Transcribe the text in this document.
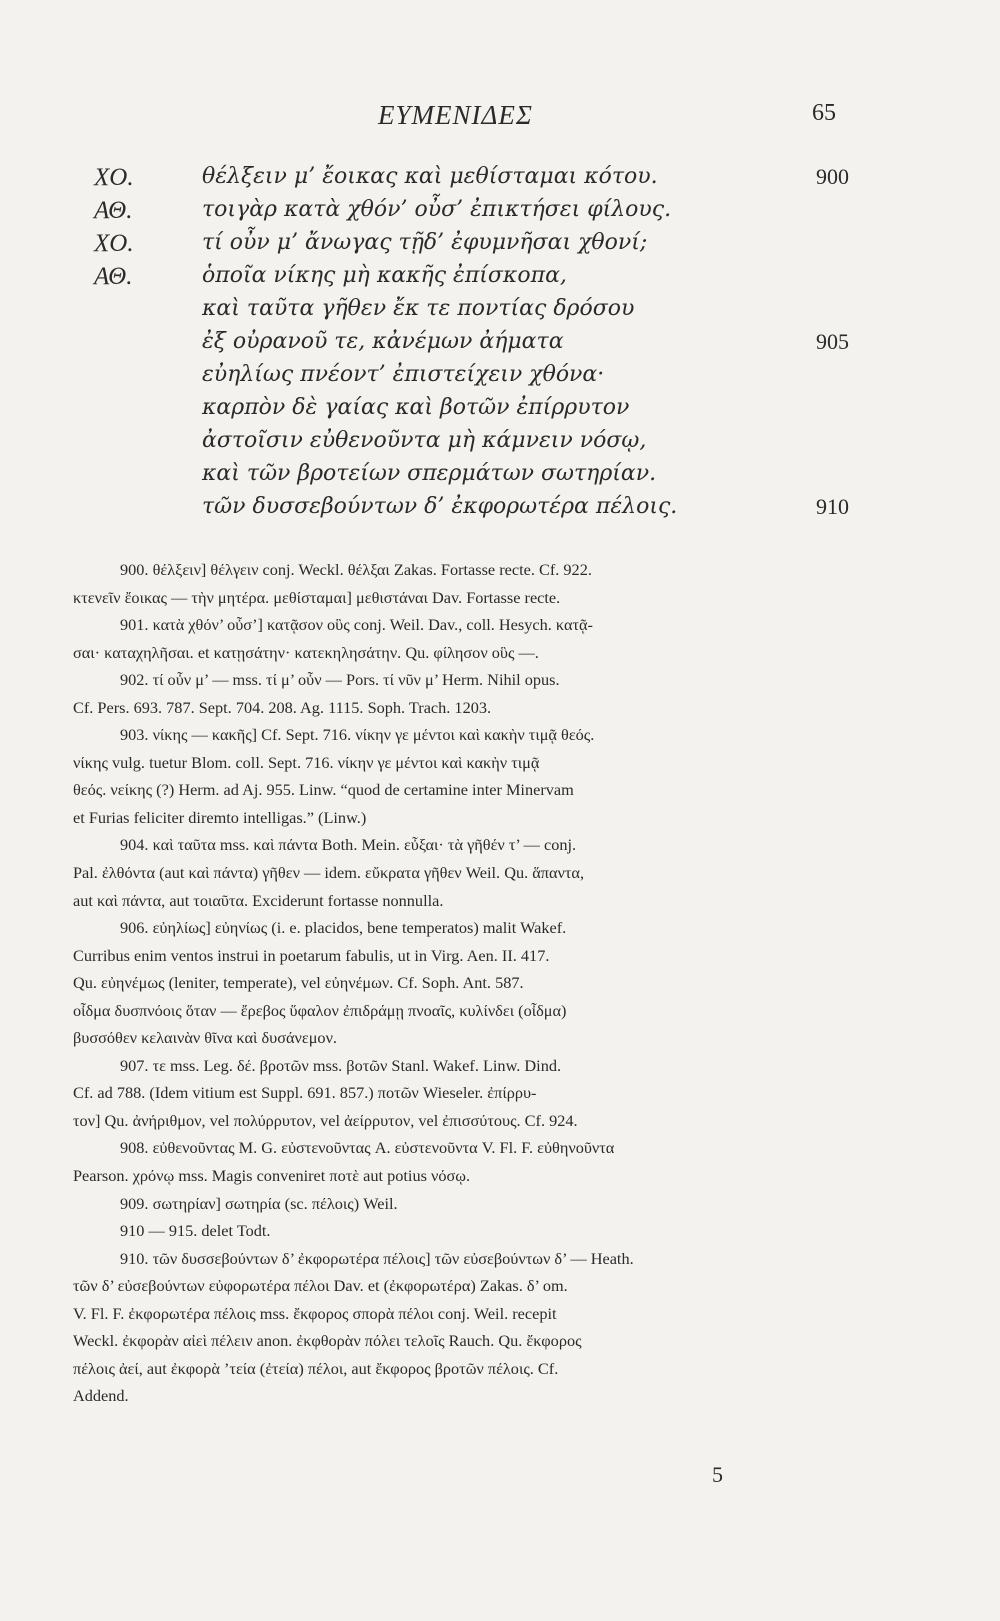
ΕΥΜΕΝΙΔΕΣ	65
ΧΟ.	θέλξειν μ’ ἔοικας καὶ μεθίσταμαι κότου.	900
ΑΘ.	τοιγὰρ κατὰ χθόν’ οὖσ’ ἐπικτήσει φίλους.
ΧΟ.	τί οὖν μ’ ἄνωγας τῇδ’ ἐφυμνῆσαι χθονί;
ΑΘ.	ὁποῖα νίκης μὴ κακῆς ἐπίσκοπα,
καὶ ταῦτα γῆθεν ἔκ τε ποντίας δρόσου
ἐξ οὐρανοῦ τε, κἀνέμων ἀήματα	905
εὐηλίως πνέοντ’ ἐπιστείχειν χθόνα·
καρπὸν δὲ γαίας καὶ βοτῶν ἐπίρρυτον
ἀστοῖσιν εὐθενοῦντα μὴ κάμνειν νόσῳ,
καὶ τῶν βροτείων σπερμάτων σωτηρίαν.
τῶν δυσσεβούντων δ’ ἐκφορωτέρα πέλοις.	910
900. θέλξειν] θέλγειν conj. Weckl. θέλξαι Zakas. Fortasse recte. Cf. 922.
κτενεῖν ἔοικας — τὴν μητέρα. μεθίσταμαι] μεθιστάναι Dav. Fortasse recte.
901. κατὰ χθόν’ οὖσ’] κατᾷσον οὓς conj. Weil. Dav., coll. Hesych. κατᾷ-
σαι· καταχηλῆσαι. et κατῃσάτην· κατεκηλησάτην. Qu. φίλησον οὓς —.
902. τί οὖν μ’ — mss. τί μ’ οὖν — Pors. τί νῦν μ’ Herm. Nihil opus.
Cf. Pers. 693. 787. Sept. 704. 208. Ag. 1115. Soph. Trach. 1203.
903. νίκης — κακῆς] Cf. Sept. 716. νίκην γε μέντοι καὶ κακὴν τιμᾷ θεός.
νίκης vulg. tuetur Blom. coll. Sept. 716. νίκην γε μέντοι καὶ κακὴν τιμᾷ
θεός. νείκης (?) Herm. ad Aj. 955. Linw. “quod de certamine inter Minervam
et Furias feliciter diremto intelligas.” (Linw.)
904. καὶ ταῦτα mss. καὶ πάντα Both. Mein. εὖξαι· τὰ γῆθέν τ’ — conj.
Pal. ἐλθόντα (aut καὶ πάντα) γῆθεν — idem. εὔκρατα γῆθεν Weil. Qu. ἅπαντα,
aut καὶ πάντα, aut τοιαῦτα. Exciderunt fortasse nonnulla.
906. εὐηλίως] εὐηνίως (i. e. placidos, bene temperatos) malit Wakef.
Curribus enim ventos instrui in poetarum fabulis, ut in Virg. Aen. II. 417.
Qu. εὐηνέμως (leniter, temperate), vel εὐηνέμων. Cf. Soph. Ant. 587.
οἶδμα δυσπνόοις ὅταν — ἔρεβος ὕφαλον ἐπιδράμῃ πνοαῖς, κυλίνδει (οἶδμα)
βυσσόθεν κελαινὰν θῖνα καὶ δυσάνεμον.
907. τε mss. Leg. δέ. βροτῶν mss. βοτῶν Stanl. Wakef. Linw. Dind.
Cf. ad 788. (Idem vitium est Suppl. 691. 857.) ποτῶν Wieseler. ἐπίρρυ-
τον] Qu. ἀνήριθμον, vel πολύρρυτον, vel ἀείρρυτον, vel ἐπισσύτους. Cf. 924.
908. εὐθενοῦντας M. G. εὐστενοῦντας A. εὐστενοῦντα V. Fl. F. εὐθηνοῦντα
Pearson. χρόνῳ mss. Magis conveniret ποτὲ aut potius νόσῳ.
909. σωτηρίαν] σωτηρία (sc. πέλοις) Weil.
910 — 915. delet Todt.
910. τῶν δυσσεβούντων δ’ ἐκφορωτέρα πέλοις] τῶν εὐσεβούντων δ’ — Heath.
τῶν δ’ εὐσεβούντων εὐφορωτέρα πέλοι Dav. et (ἐκφορωτέρα) Zakas. δ’ om.
V. Fl. F. ἐκφορωτέρα πέλοις mss. ἔκφορος σπορὰ πέλοι conj. Weil. recepit
Weckl. ἐκφορὰν αἰεὶ πέλειν anon. ἐκφθορὰν πόλει τελοῖς Rauch. Qu. ἔκφορος
πέλοις ἀεί, aut ἐκφορὰ ’τεία (ἐτεία) πέλοι, aut ἔκφορος βροτῶν πέλοις. Cf.
Addend.
5
